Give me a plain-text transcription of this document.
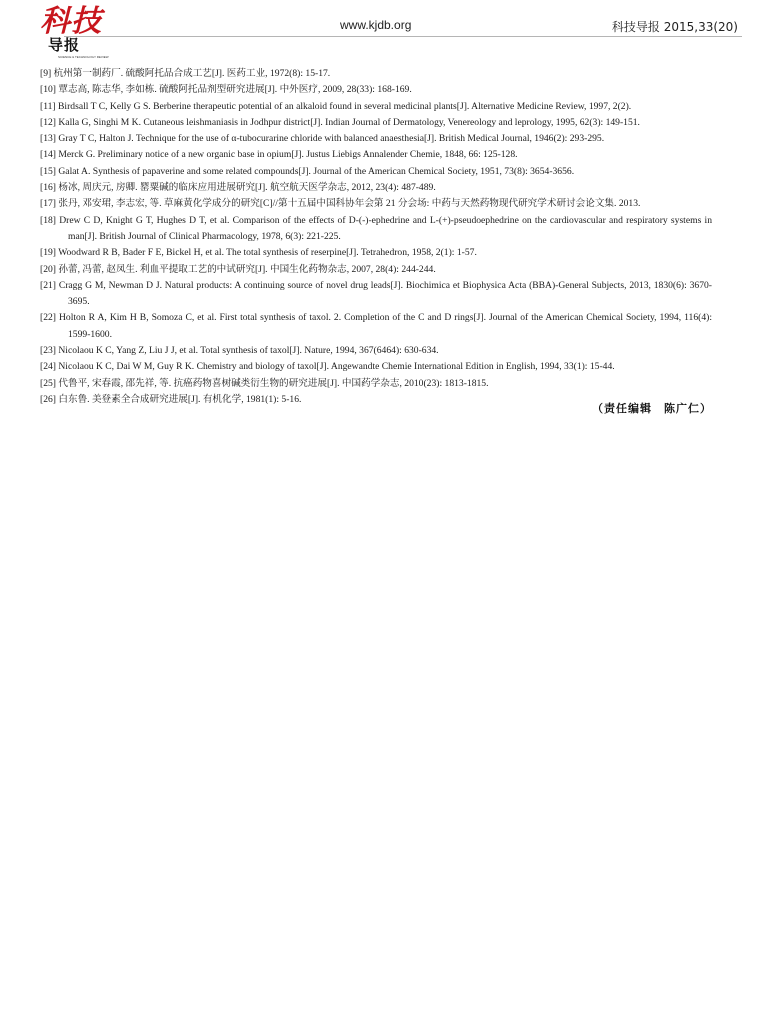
科技
导报
SCIENCE & TECHNOLOGY REVIEW
www.kjdb.org	科技导报 2015,33(20)
[9] 杭州第一制药厂. 硫酸阿托品合成工艺[J]. 医药工业, 1972(8): 15-17.
[10] 覃志高, 陈志华, 李如栋. 硫酸阿托品剂型研究进展[J]. 中外医疗, 2009, 28(33): 168-169.
[11] Birdsall T C, Kelly G S. Berberine therapeutic potential of an alkaloid found in several medicinal plants[J]. Alternative Medicine Review, 1997, 2(2).
[12] Kalla G, Singhi M K. Cutaneous leishmaniasis in Jodhpur district[J]. Indian Journal of Dermatology, Venereology and leprology, 1995, 62(3): 149-151.
[13] Gray T C, Halton J. Technique for the use of α-tubocurarine chloride with balanced anaesthesia[J]. British Medical Journal, 1946(2): 293-295.
[14] Merck G. Preliminary notice of a new organic base in opium[J]. Justus Liebigs Annalender Chemie, 1848, 66: 125-128.
[15] Galat A. Synthesis of papaverine and some related compounds[J]. Journal of the American Chemical Society, 1951, 73(8): 3654-3656.
[16] 杨冰, 周庆元, 房卿. 罂粟碱的临床应用进展研究[J]. 航空航天医学杂志, 2012, 23(4): 487-489.
[17] 张丹, 邓安珺, 李志宏, 等. 草麻黄化学成分的研究[C]//第十五届中国科协年会第 21 分会场: 中药与天然药物现代研究学术研讨会论文集. 2013.
[18] Drew C D, Knight G T, Hughes D T, et al. Comparison of the effects of D-(-)-ephedrine and L-(+)-pseudoephedrine on the cardiovascular and respiratory systems in man[J]. British Journal of Clinical Pharmacology, 1978, 6(3): 221-225.
[19] Woodward R B, Bader F E, Bickel H, et al. The total synthesis of reserpine[J]. Tetrahedron, 1958, 2(1): 1-57.
[20] 孙蕾, 冯蕾, 赵凤生. 利血平提取工艺的中试研究[J]. 中国生化药物杂志, 2007, 28(4): 244-244.
[21] Cragg G M, Newman D J. Natural products: A continuing source of novel drug leads[J]. Biochimica et Biophysica Acta (BBA)-General Subjects, 2013, 1830(6): 3670-3695.
[22] Holton R A, Kim H B, Somoza C, et al. First total synthesis of taxol. 2. Completion of the C and D rings[J]. Journal of the American Chemical Society, 1994, 116(4): 1599-1600.
[23] Nicolaou K C, Yang Z, Liu J J, et al. Total synthesis of taxol[J]. Nature, 1994, 367(6464): 630-634.
[24] Nicolaou K C, Dai W M, Guy R K. Chemistry and biology of taxol[J]. Angewandte Chemie International Edition in English, 1994, 33(1): 15-44.
[25] 代鲁平, 宋春霞, 邵先祥, 等. 抗癌药物喜树碱类衍生物的研究进展[J]. 中国药学杂志, 2010(23): 1813-1815.
[26] 白东鲁. 美登素全合成研究进展[J]. 有机化学, 1981(1): 5-16.
（责任编辑　陈广仁）
